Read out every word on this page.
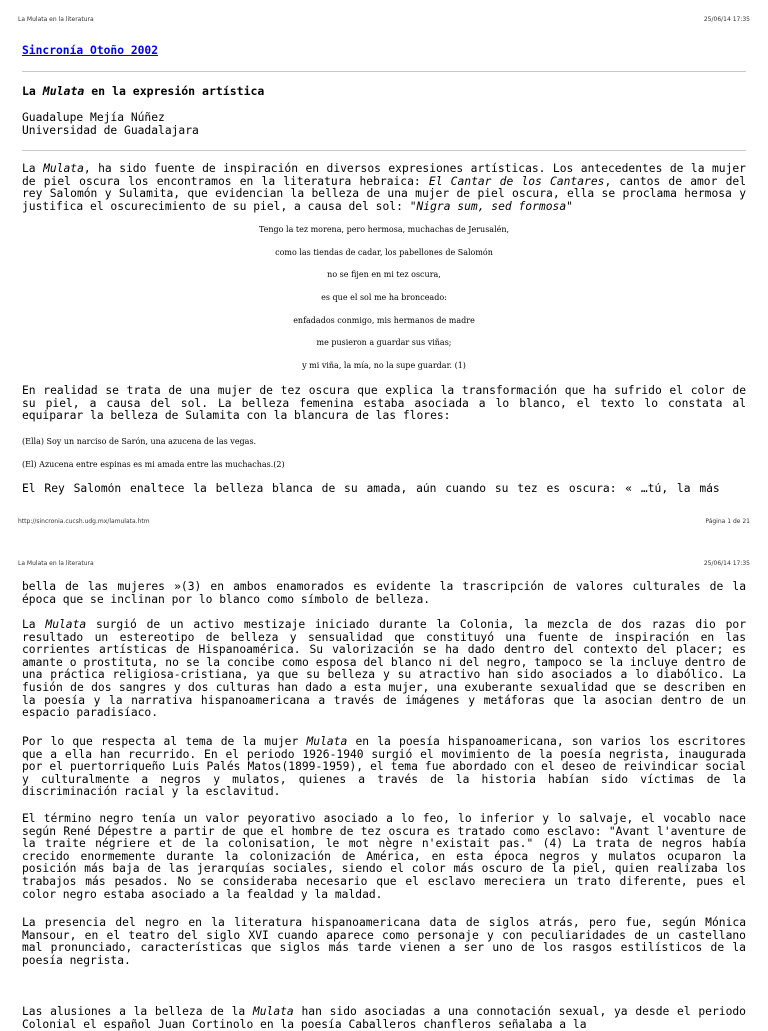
La Mulata en la literatura	25/06/14 17:35
Sincronía Otoño 2002
La Mulata en la expresión artística
Guadalupe Mejía Núñez
Universidad de Guadalajara

La Mulata, ha sido fuente de inspiración en diversos expresiones artísticas. Los antecedentes de la mujer de piel oscura los encontramos en la literatura hebraica: El Cantar de los Cantares, cantos de amor del rey Salomón y Sulamita, que evidencian la belleza de una mujer de piel oscura, ella se proclama hermosa y justifica el oscurecimiento de su piel, a causa del sol: "Nigra sum, sed formosa"

Tengo la tez morena, pero hermosa, muchachas de Jerusalén,
como las tiendas de cadar, los pabellones de Salomón
no se fijen en mi tez oscura,
es que el sol me ha bronceado:
enfadados conmigo, mis hermanos de madre
me pusieron a guardar sus viñas;
y mi viña, la mía, no la supe guardar. (1)

En realidad se trata de una mujer de tez oscura que explica la transformación que ha sufrido el color de su piel, a causa del sol. La belleza femenina estaba asociada a lo blanco, el texto lo constata al equiparar la belleza de Sulamita con la blancura de las flores:

(Ella) Soy un narciso de Sarón, una azucena de las vegas.
(El) Azucena entre espinas es mi amada entre las muchachas.(2)

El Rey Salomón enaltece la belleza blanca de su amada, aún cuando su tez es oscura: « …tú, la más

http://sincronia.cucsh.udg.mx/lamulata.htm	Página 1 de 21
La Mulata en la literatura	25/06/14 17:35

bella de las mujeres »(3) en ambos enamorados es evidente la trascripción de valores culturales de la época que se inclinan por lo blanco como símbolo de belleza.

La Mulata surgió de un activo mestizaje iniciado durante la Colonia, la mezcla de dos razas dio por resultado un estereotipo de belleza y sensualidad que constituyó una fuente de inspiración en las corrientes artísticas de Hispanoamérica. Su valorización se ha dado dentro del contexto del placer; es amante o prostituta, no se la concibe como esposa del blanco ni del negro, tampoco se la incluye dentro de una práctica religiosa-cristiana, ya que su belleza y su atractivo han sido asociados a lo diabólico. La fusión de dos sangres y dos culturas han dado a esta mujer, una exuberante sexualidad que se describen en la poesía y la narrativa hispanoamericana a través de imágenes y metáforas que la asocian dentro de un espacio paradisíaco.

Por lo que respecta al tema de la mujer Mulata en la poesía hispanoamericana, son varios los escritores que a ella han recurrido. En el periodo 1926-1940 surgió el movimiento de la poesía negrista, inaugurada por el puertorriqueño Luis Palés Matos(1899-1959), el tema fue abordado con el deseo de reivindicar social y culturalmente a negros y mulatos, quienes a través de la historia habían sido víctimas de la discriminación racial y la esclavitud.

El término negro tenía un valor peyorativo asociado a lo feo, lo inferior y lo salvaje, el vocablo nace según René Dépestre a partir de que el hombre de tez oscura es tratado como esclavo: "Avant l'aventure de la traite négriere et de la colonisation, le mot nègre n'existait pas." (4) La trata de negros había crecido enormemente durante la colonización de América, en esta época negros y mulatos ocuparon la posición más baja de las jerarquías sociales, siendo el color más oscuro de la piel, quien realizaba los trabajos más pesados. No se consideraba necesario que el esclavo mereciera un trato diferente, pues el color negro estaba asociado a la fealdad y la maldad.

La presencia del negro en la literatura hispanoamericana data de siglos atrás, pero fue, según Mónica Mansour, en el teatro del siglo XVI cuando aparece como personaje y con peculiaridades de un castellano mal pronunciado, características que siglos más tarde vienen a ser uno de los rasgos estilísticos de la poesía negrista.

Las alusiones a la belleza de la Mulata han sido asociadas a una connotación sexual, ya desde el periodo Colonial el español Juan Cortinolo en la poesía Caballeros chanfleros señalaba a la
